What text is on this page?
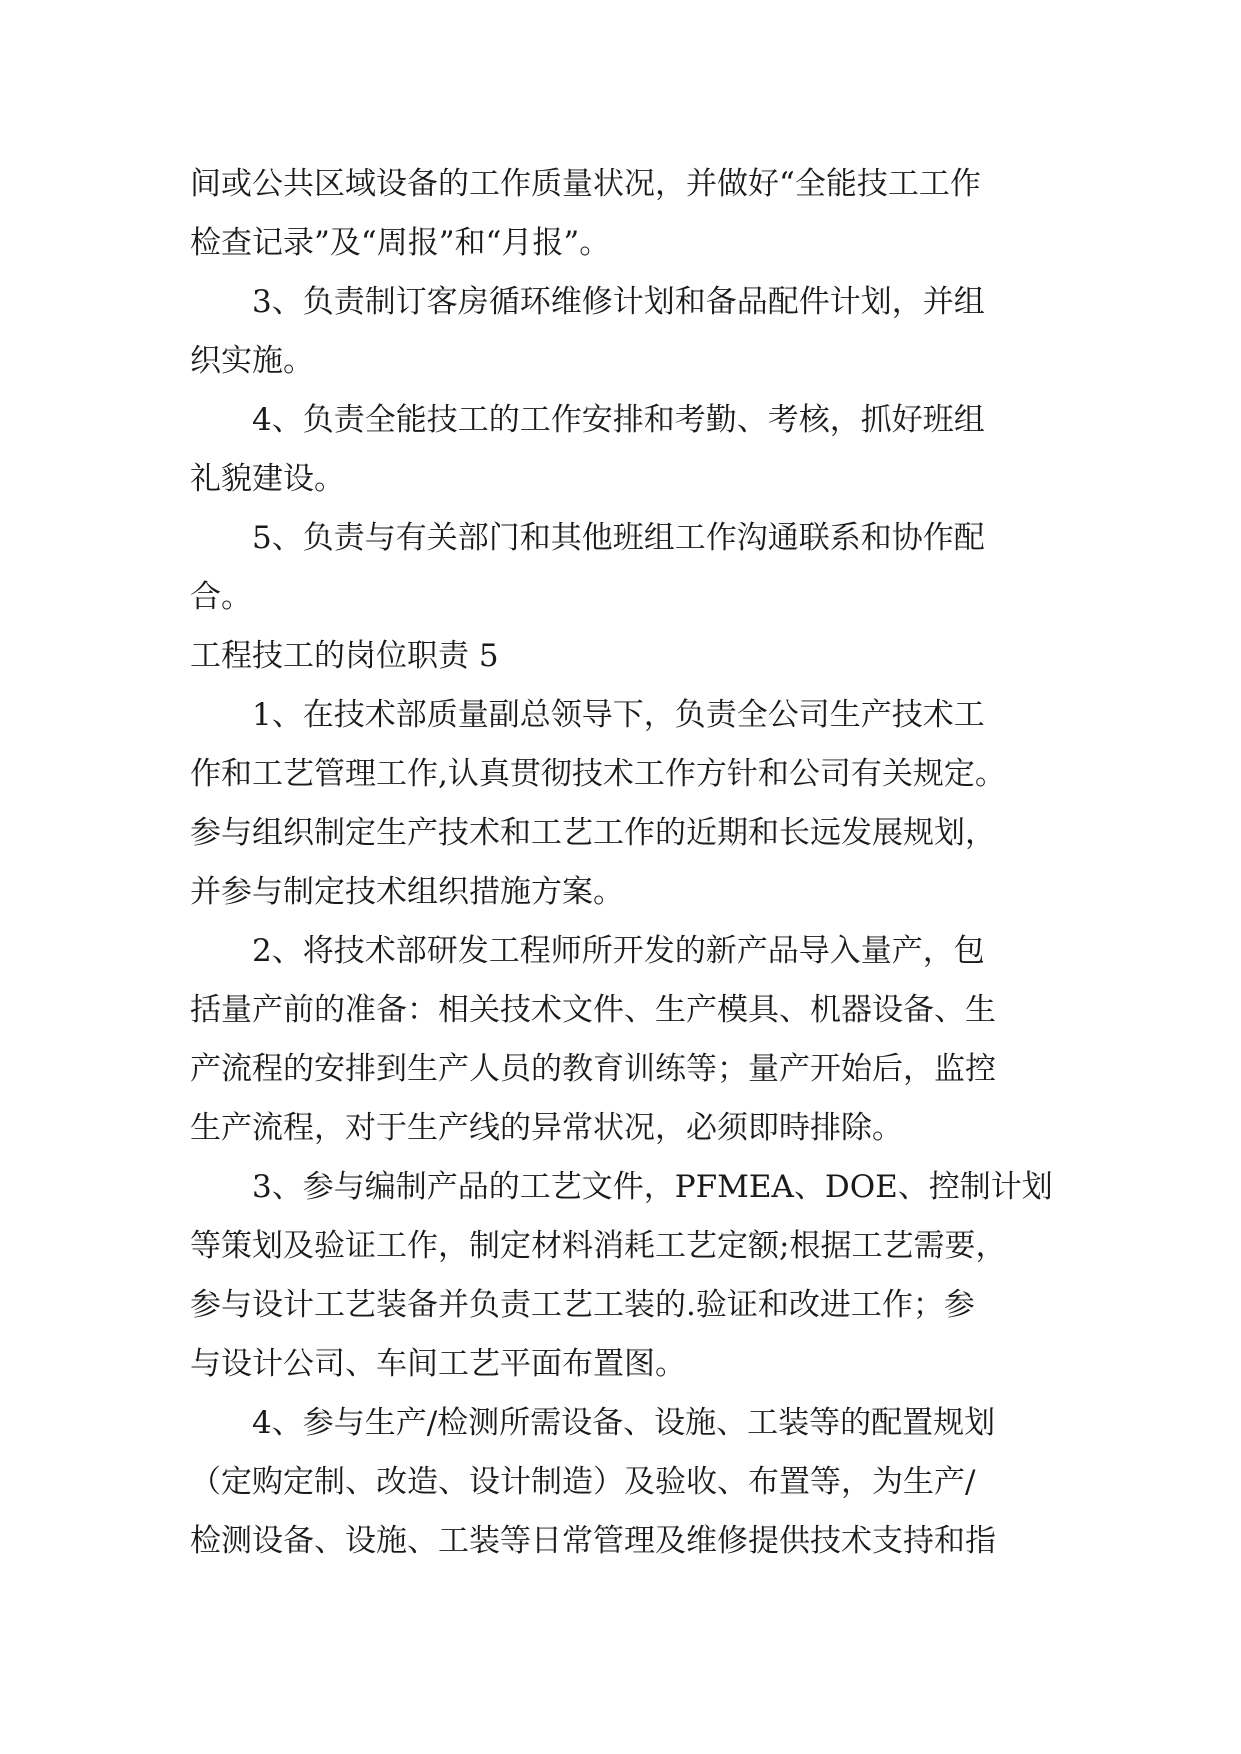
间或公共区域设备的工作质量状况，并做好“全能技工工作
检查记录”及“周报”和“月报”。
3、负责制订客房循环维修计划和备品配件计划，并组
织实施。
4、负责全能技工的工作安排和考勤、考核，抓好班组
礼貌建设。
5、负责与有关部门和其他班组工作沟通联系和协作配
合。
工程技工的岗位职责 5
1、在技术部质量副总领导下，负责全公司生产技术工
作和工艺管理工作,认真贯彻技术工作方针和公司有关规定。
参与组织制定生产技术和工艺工作的近期和长远发展规划，
并参与制定技术组织措施方案。
2、将技术部研发工程师所开发的新产品导入量产，包
括量产前的准备：相关技术文件、生产模具、机器设备、生
产流程的安排到生产人员的教育训练等；量产开始后，监控
生产流程，对于生产线的异常状况，必须即時排除。
3、参与编制产品的工艺文件，PFMEA、DOE、控制计划
等策划及验证工作，制定材料消耗工艺定额;根据工艺需要，
参与设计工艺装备并负责工艺工装的.验证和改进工作；参
与设计公司、车间工艺平面布置图。
4、参与生产/检测所需设备、设施、工装等的配置规划
（定购定制、改造、设计制造）及验收、布置等，为生产/
检测设备、设施、工装等日常管理及维修提供技术支持和指
